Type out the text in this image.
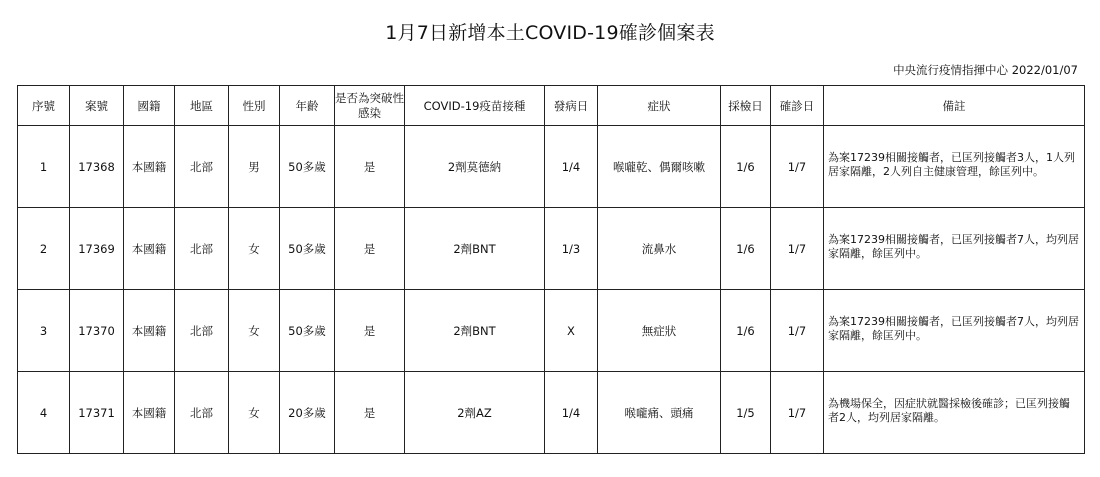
1月7日新增本土COVID-19確診個案表
中央流行疫情指揮中心 2022/01/07
序號	案號	國籍	地區	性別	年齡	是否為突破性感染	COVID-19疫苗接種	發病日	症狀	採檢日	確診日	備註
1	17368	本國籍	北部	男	50多歲	是	2劑莫德納	1/4	喉嚨乾、偶爾咳嗽	1/6	1/7	為案17239相關接觸者，已匡列接觸者3人，1人列居家隔離，2人列自主健康管理，餘匡列中。

2	17369	本國籍	北部	女	50多歲	是	2劑BNT	1/3	流鼻水	1/6	1/7	為案17239相關接觸者，已匡列接觸者7人，均列居家隔離，餘匡列中。

3	17370	本國籍	北部	女	50多歲	是	2劑BNT	X	無症狀	1/6	1/7	為案17239相關接觸者，已匡列接觸者7人，均列居家隔離，餘匡列中。

4	17371	本國籍	北部	女	20多歲	是	2劑AZ	1/4	喉嚨痛、頭痛	1/5	1/7	為機場保全，因症狀就醫採檢後確診；已匡列接觸者2人，均列居家隔離。
